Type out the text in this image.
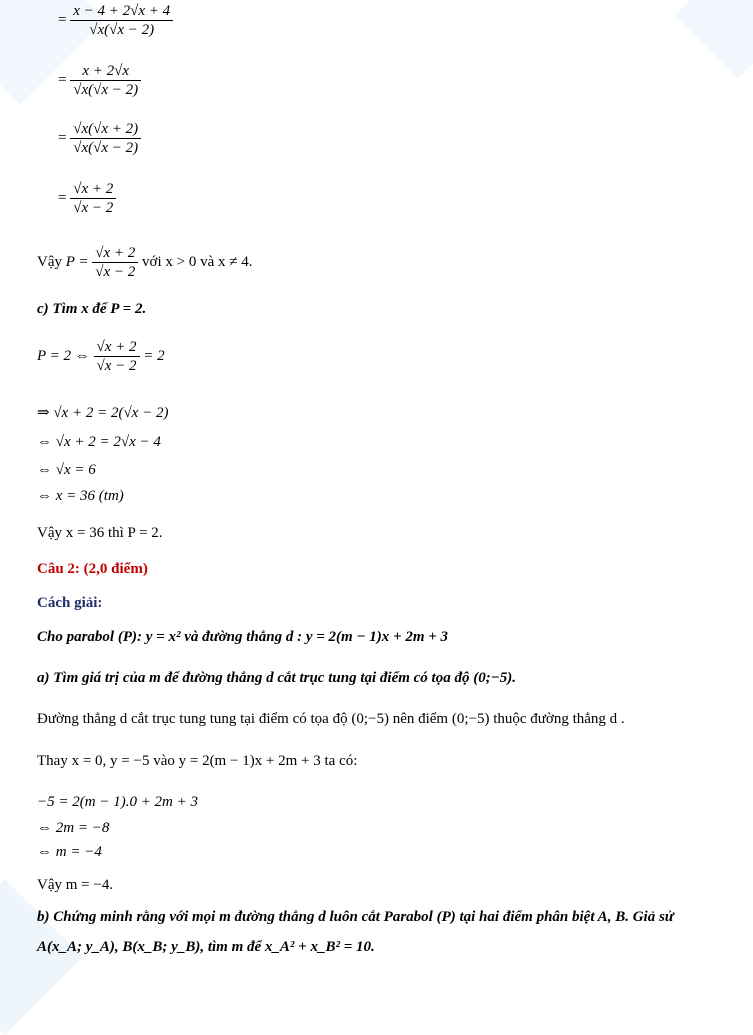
= $\frac{x - 4 + 2√x + 4}{√x(√x - 2)}$
= $\frac{x + 2√x}{√x(√x - 2)}$
= $\frac{√x(√x + 2)}{√x(√x - 2)}$
= $\frac{√x + 2}{√x - 2}$
Vậy $P = \frac{√x + 2}{√x - 2}$ với x > 0 và x ≠ 4.
c) Tìm x để P = 2.
P = 2 ⇔ $\frac{√x + 2}{√x - 2} = 2$
⇒ √x + 2 = 2(√x − 2)
⇔ √x + 2 = 2√x − 4
⇔ √x = 6
⇔ x = 36 (tm)
Vậy x = 36 thì P = 2.
Câu 2: (2,0 điểm)
Cách giải:
Cho parabol (P): y = x² và đường thẳng d : y = 2(m − 1)x + 2m + 3
a) Tìm giá trị của m để đường thẳng d cắt trục tung tại điểm có tọa độ (0;−5).
Đường thẳng d cắt trục tung tung tại điểm có tọa độ (0;−5) nên điểm (0;−5) thuộc đường thẳng d .
Thay x = 0, y = −5 vào y = 2(m − 1)x + 2m + 3 ta có:
−5 = 2(m − 1).0 + 2m + 3
⇔ 2m = −8
⇔ m = −4
Vậy m = −4.
b) Chứng minh rằng với mọi m đường thẳng d luôn cắt Parabol (P) tại hai điểm phân biệt A, B. Giả sử
A(x_A; y_A), B(x_B; y_B), tìm m để x_A² + x_B² = 10.
